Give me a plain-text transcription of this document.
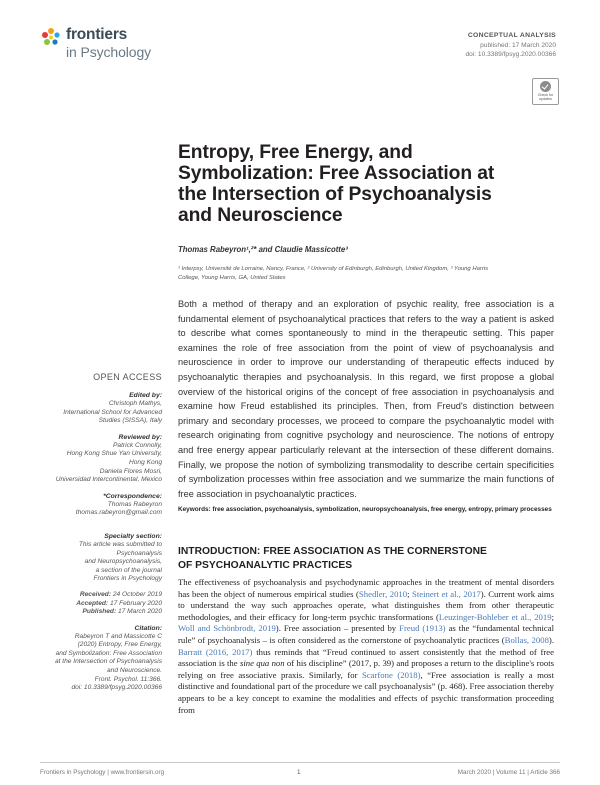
frontiers
in Psychology
CONCEPTUAL ANALYSIS
published: 17 March 2020
doi: 10.3389/fpsyg.2020.00366
Check for updates
Entropy, Free Energy, and
Symbolization: Free Association at
the Intersection of Psychoanalysis
and Neuroscience
Thomas Rabeyron¹,²* and Claudie Massicotte³
¹ Interpsy, Université de Lorraine, Nancy, France, ² University of Edinburgh, Edinburgh, United Kingdom, ³ Young Harris
College, Young Harris, GA, United States
Both a method of therapy and an exploration of psychic reality, free association is a fundamental element of psychoanalytical practices that refers to the way a patient is asked to describe what comes spontaneously to mind in the therapeutic setting. This paper examines the role of free association from the point of view of psychoanalysis and neuroscience in order to improve our understanding of therapeutic effects induced by psychoanalytic therapies and psychoanalysis. In this regard, we first propose a global overview of the historical origins of the concept of free association in psychoanalysis and examine how Freud established its principles. Then, from Freud's distinction between primary and secondary processes, we proceed to compare the psychoanalytic model with research originating from cognitive psychology and neuroscience. The notions of entropy and free energy appear particularly relevant at the intersection of these different domains. Finally, we propose the notion of symbolizing transmodality to describe certain specificities of symbolization processes within free association and we summarize the main functions of free association in psychoanalytic practices.
Keywords: free association, psychoanalysis, symbolization, neuropsychoanalysis, free energy, entropy, primary processes
INTRODUCTION: FREE ASSOCIATION AS THE CORNERSTONE
OF PSYCHOANALYTIC PRACTICES
The effectiveness of psychoanalysis and psychodynamic approaches in the treatment of mental disorders has been the object of numerous empirical studies (Shedler, 2010; Steinert et al., 2017). Current work aims to understand the way such approaches operate, what distinguishes them from other therapeutic methodologies, and their efficacy for long-term psychic transformations (Leuzinger-Bohleber et al., 2019; Woll and Schönbrodt, 2019). Free association – presented by Freud (1913) as the “fundamental technical rule” of psychoanalysis – is often considered as the cornerstone of psychoanalytic practices (Bollas, 2008). Barratt (2016, 2017) thus reminds that “Freud continued to assert consistently that the method of free association is the sine qua non of his discipline” (2017, p. 39) and proposes a return to the discipline's roots relying on free associative praxis. Similarly, for Scarfone (2018), “Free association is really a most distinctive and foundational part of the procedure we call psychoanalysis” (p. 468). Free association thereby appears to be a key concept to examine the modalities and effects of psychic transformation proceeding from
OPEN ACCESS
Edited by:
Christoph Mathys,
International School for Advanced
Studies (SISSA), Italy
Reviewed by:
Patrick Connolly,
Hong Kong Shue Yan University,
Hong Kong
Daniela Flores Mosri,
Universidad Intercontinental, Mexico
*Correspondence:
Thomas Rabeyron
thomas.rabeyron@gmail.com
Specialty section:
This article was submitted to
Psychoanalysis
and Neuropsychoanalysis,
a section of the journal
Frontiers in Psychology
Received: 24 October 2019
Accepted: 17 February 2020
Published: 17 March 2020
Citation:
Rabeyron T and Massicotte C
(2020) Entropy, Free Energy,
and Symbolization: Free Association
at the Intersection of Psychoanalysis
and Neuroscience.
Front. Psychol. 11:366.
doi: 10.3389/fpsyg.2020.00366
Frontiers in Psychology | www.frontiersin.org	1	March 2020 | Volume 11 | Article 366
